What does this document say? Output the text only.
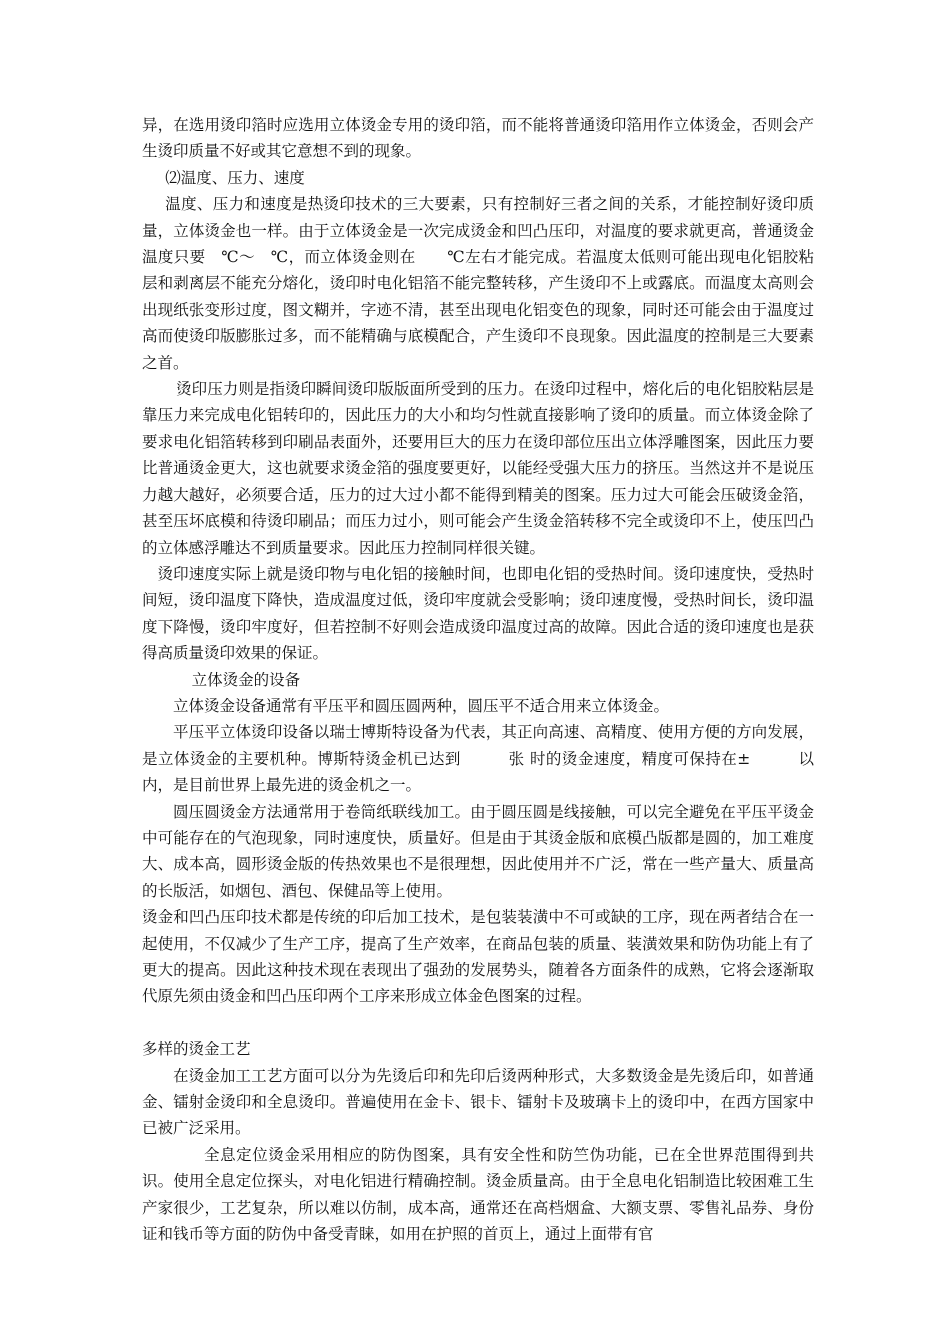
异，在选用烫印箔时应选用立体烫金专用的烫印箔，而不能将普通烫印箔用作立体烫金，否则会产生烫印质量不好或其它意想不到的现象。

⑵温度、压力、速度

温度、压力和速度是热烫印技术的三大要素，只有控制好三者之间的关系，才能控制好烫印质量，立体烫金也一样。由于立体烫金是一次完成烫金和凹凸压印，对温度的要求就更高，普通烫金温度只要　℃～　℃，而立体烫金则在　　℃左右才能完成。若温度太低则可能出现电化铝胶粘层和剥离层不能充分熔化，烫印时电化铝箔不能完整转移，产生烫印不上或露底。而温度太高则会出现纸张变形过度，图文糊并，字迹不清，甚至出现电化铝变色的现象，同时还可能会由于温度过高而使烫印版膨胀过多，而不能精确与底模配合，产生烫印不良现象。因此温度的控制是三大要素之首。

烫印压力则是指烫印瞬间烫印版版面所受到的压力。在烫印过程中，熔化后的电化铝胶粘层是靠压力来完成电化铝转印的，因此压力的大小和均匀性就直接影响了烫印的质量。而立体烫金除了要求电化铝箔转移到印刷品表面外，还要用巨大的压力在烫印部位压出立体浮雕图案，因此压力要比普通烫金更大，这也就要求烫金箔的强度要更好，以能经受强大压力的挤压。当然这并不是说压力越大越好，必须要合适，压力的过大过小都不能得到精美的图案。压力过大可能会压破烫金箔，甚至压坏底模和待烫印刷品；而压力过小，则可能会产生烫金箔转移不完全或烫印不上，使压凹凸的立体感浮雕达不到质量要求。因此压力控制同样很关键。

烫印速度实际上就是烫印物与电化铝的接触时间，也即电化铝的受热时间。烫印速度快，受热时间短，烫印温度下降快，造成温度过低，烫印牢度就会受影响；烫印速度慢，受热时间长，烫印温度下降慢，烫印牢度好，但若控制不好则会造成烫印温度过高的故障。因此合适的烫印速度也是获得高质量烫印效果的保证。

立体烫金的设备

立体烫金设备通常有平压平和圆压圆两种，圆压平不适合用来立体烫金。

平压平立体烫印设备以瑞士博斯特设备为代表，其正向高速、高精度、使用方便的方向发展，是立体烫金的主要机种。博斯特烫金机已达到　　　张 时的烫金速度，精度可保持在±　　　以内，是目前世界上最先进的烫金机之一。

圆压圆烫金方法通常用于卷筒纸联线加工。由于圆压圆是线接触，可以完全避免在平压平烫金中可能存在的气泡现象，同时速度快，质量好。但是由于其烫金版和底模凸版都是圆的，加工难度大、成本高，圆形烫金版的传热效果也不是很理想，因此使用并不广泛，常在一些产量大、质量高的长版活，如烟包、酒包、保健品等上使用。

烫金和凹凸压印技术都是传统的印后加工技术，是包装装潢中不可或缺的工序，现在两者结合在一起使用，不仅减少了生产工序，提高了生产效率，在商品包装的质量、装潢效果和防伪功能上有了更大的提高。因此这种技术现在表现出了强劲的发展势头，随着各方面条件的成熟，它将会逐渐取代原先须由烫金和凹凸压印两个工序来形成立体金色图案的过程。

多样的烫金工艺

在烫金加工工艺方面可以分为先烫后印和先印后烫两种形式，大多数烫金是先烫后印，如普通金、镭射金烫印和全息烫印。普遍使用在金卡、银卡、镭射卡及玻璃卡上的烫印中，在西方国家中已被广泛采用。

全息定位烫金采用相应的防伪图案，具有安全性和防竺伪功能，已在全世界范围得到共识。使用全息定位探头，对电化铝进行精确控制。烫金质量高。由于全息电化铝制造比较困难工生产家很少，工艺复杂，所以难以仿制，成本高，通常还在高档烟盒、大额支票、零售礼品券、身份证和钱币等方面的防伪中备受青睐，如用在护照的首页上，通过上面带有官
